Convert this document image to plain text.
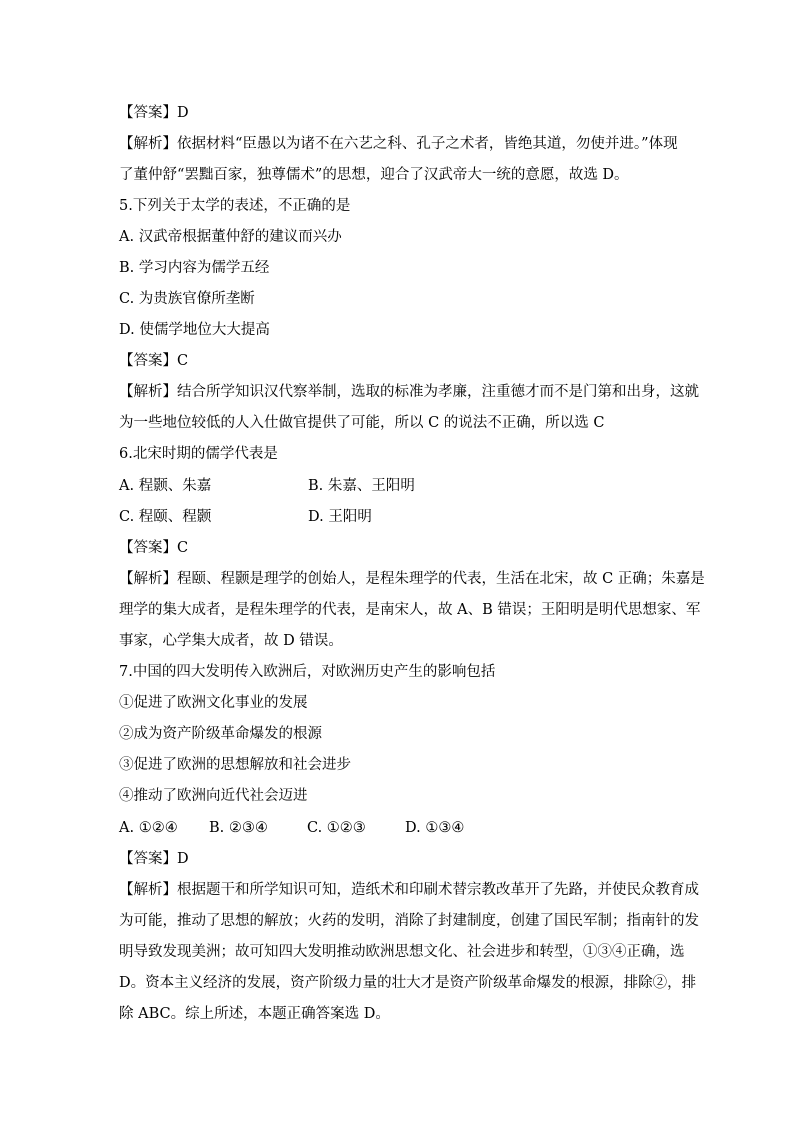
【答案】D
【解析】依据材料“臣愚以为诸不在六艺之科、孔子之术者，皆绝其道，勿使并进。”体现
了董仲舒“罢黜百家，独尊儒术”的思想，迎合了汉武帝大一统的意愿，故选 D。
5.下列关于太学的表述，不正确的是
A. 汉武帝根据董仲舒的建议而兴办
B. 学习内容为儒学五经
C. 为贵族官僚所垄断
D. 使儒学地位大大提高
【答案】C
【解析】结合所学知识汉代察举制，选取的标准为孝廉，注重德才而不是门第和出身，这就
为一些地位较低的人入仕做官提供了可能，所以 C 的说法不正确，所以选 C
6.北宋时期的儒学代表是
A. 程颢、朱嘉	B. 朱嘉、王阳明
C. 程颐、程颢	D. 王阳明
【答案】C
【解析】程颐、程颢是理学的创始人，是程朱理学的代表，生活在北宋，故 C 正确；朱嘉是
理学的集大成者，是程朱理学的代表，是南宋人，故 A、B 错误；王阳明是明代思想家、军
事家，心学集大成者，故 D 错误。
7.中国的四大发明传入欧洲后，对欧洲历史产生的影响包括
①促进了欧洲文化事业的发展
②成为资产阶级革命爆发的根源
③促进了欧洲的思想解放和社会进步
④推动了欧洲向近代社会迈进
A. ①②④ B. ②③④	C. ①②③	D. ①③④
【答案】D
【解析】根据题干和所学知识可知，造纸术和印刷术替宗教改革开了先路，并使民众教育成
为可能，推动了思想的解放；火药的发明，消除了封建制度，创建了国民军制；指南针的发
明导致发现美洲；故可知四大发明推动欧洲思想文化、社会进步和转型，①③④正确，选
D。资本主义经济的发展，资产阶级力量的壮大才是资产阶级革命爆发的根源，排除②，排
除 ABC。综上所述，本题正确答案选 D。
